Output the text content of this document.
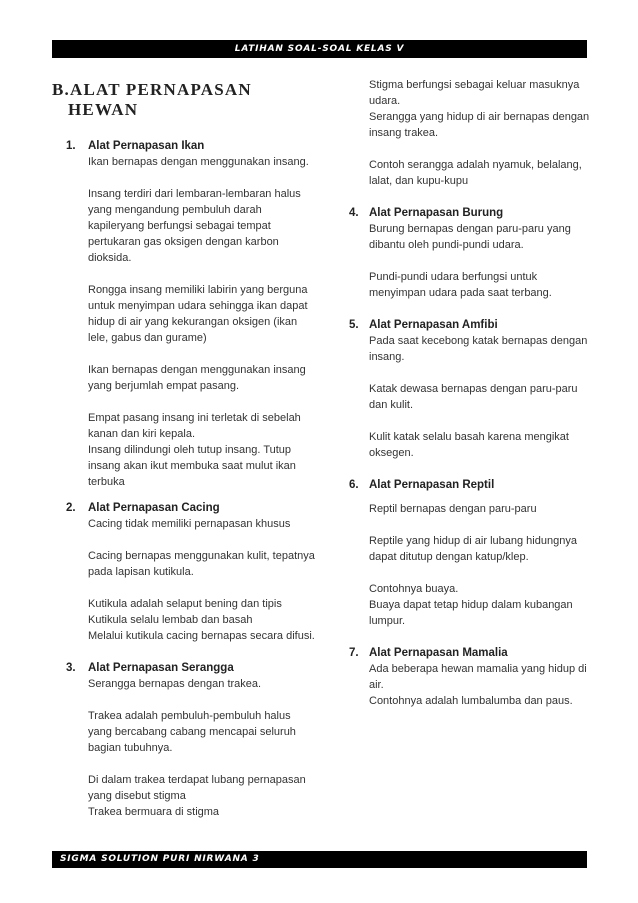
LATIHAN SOAL-SOAL KELAS V
B.ALAT PERNAPASAN
HEWAN
1. Alat Pernapasan Ikan

Ikan bernapas dengan menggunakan insang.

Insang terdiri dari lembaran-lembaran halus yang mengandung pembuluh darah kapileryang berfungsi sebagai tempat pertukaran gas oksigen dengan karbon dioksida.

Rongga insang memiliki labirin yang berguna untuk menyimpan udara sehingga ikan dapat hidup di air yang kekurangan oksigen (ikan lele, gabus dan gurame)

Ikan bernapas dengan menggunakan insang yang berjumlah empat pasang.

Empat pasang insang ini terletak di sebelah kanan dan kiri kepala.

Insang dilindungi oleh tutup insang. Tutup insang akan ikut membuka saat mulut ikan terbuka

2. Alat Pernapasan Cacing

Cacing tidak memiliki pernapasan khusus

Cacing bernapas menggunakan kulit, tepatnya pada lapisan kutikula.

Kutikula adalah selaput bening dan tipis

Kutikula selalu lembab dan basah

Melalui kutikula cacing bernapas secara difusi.

3. Alat Pernapasan Serangga

Serangga bernapas dengan trakea.

Trakea adalah pembuluh-pembuluh halus yang bercabang cabang mencapai seluruh bagian tubuhnya.

Di dalam trakea terdapat lubang pernapasan yang disebut stigma

Trakea bermuara di stigma

Stigma berfungsi sebagai keluar masuknya udara.

Serangga yang hidup di air bernapas dengan insang trakea.

Contoh serangga adalah nyamuk, belalang, lalat, dan kupu-kupu

4. Alat Pernapasan Burung

Burung bernapas dengan paru-paru yang dibantu oleh pundi-pundi udara.

Pundi-pundi udara berfungsi untuk menyimpan udara pada saat terbang.

5. Alat Pernapasan Amfibi

Pada saat kecebong katak bernapas dengan insang.

Katak dewasa bernapas dengan paru-paru dan kulit.

Kulit katak selalu basah karena mengikat oksegen.

6. Alat Pernapasan Reptil

Reptil bernapas dengan paru-paru

Reptile yang hidup di air lubang hidungnya dapat ditutup dengan katup/klep.

Contohnya buaya.

Buaya dapat tetap hidup dalam kubangan lumpur.

7. Alat Pernapasan Mamalia

Ada beberapa hewan mamalia yang hidup di air.

Contohnya adalah lumbalumba dan paus.

SIGMA SOLUTION PURI NIRWANA 3
